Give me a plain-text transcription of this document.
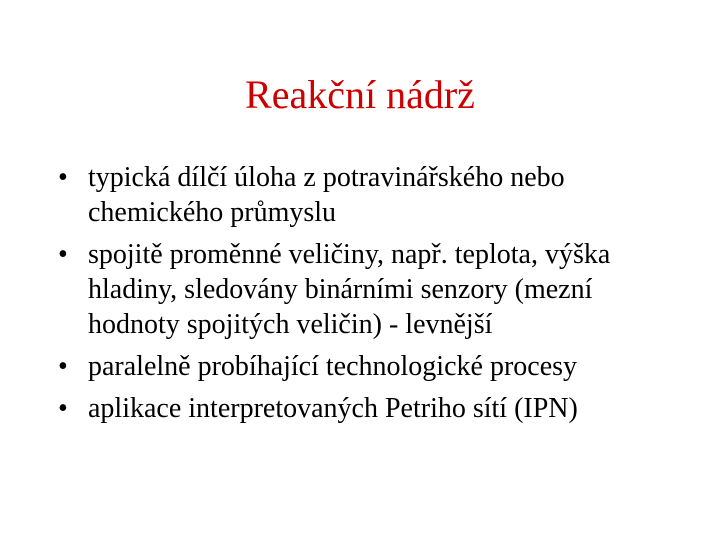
Reakční nádrž
• typická dílčí úloha z potravinářského nebo chemického průmyslu
• spojitě proměnné veličiny, např. teplota, výška hladiny, sledovány binárními senzory (mezní hodnoty spojitých veličin) - levnější
• paralelně probíhající technologické procesy
• aplikace interpretovaných Petriho sítí (IPN)
